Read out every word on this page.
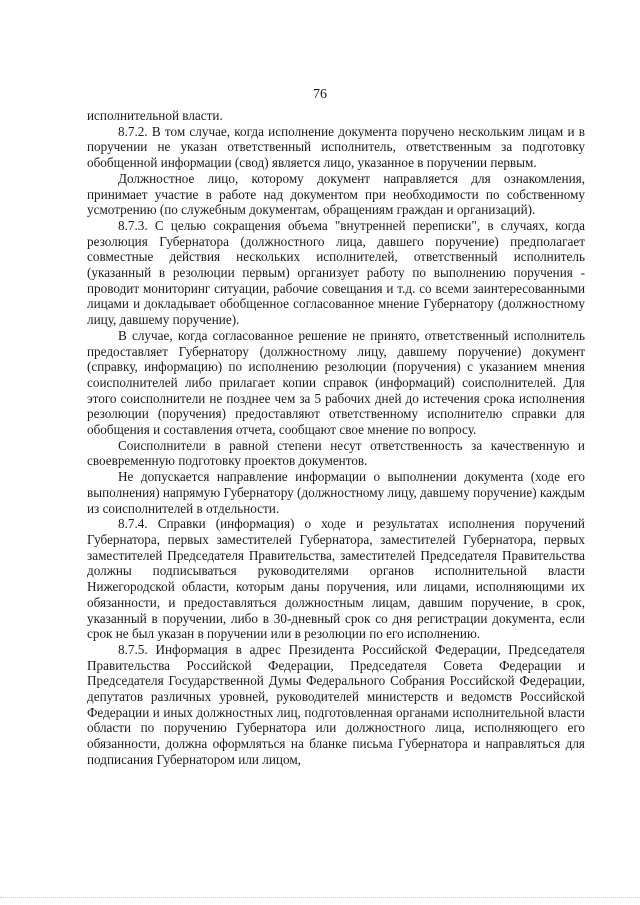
76

исполнительной власти.

8.7.2. В том случае, когда исполнение документа поручено нескольким лицам и в поручении не указан ответственный исполнитель, ответственным за подготовку обобщенной информации (свод) является лицо, указанное в поручении первым.

Должностное лицо, которому документ направляется для ознакомления, принимает участие в работе над документом при необходимости по собственному усмотрению (по служебным документам, обращениям граждан и организаций).

8.7.3. С целью сокращения объема "внутренней переписки", в случаях, когда резолюция Губернатора (должностного лица, давшего поручение) предполагает совместные действия нескольких исполнителей, ответственный исполнитель (указанный в резолюции первым) организует работу по выполнению поручения - проводит мониторинг ситуации, рабочие совещания и т.д. со всеми заинтересованными лицами и докладывает обобщенное согласованное мнение Губернатору (должностному лицу, давшему поручение).

В случае, когда согласованное решение не принято, ответственный исполнитель предоставляет Губернатору (должностному лицу, давшему поручение) документ (справку, информацию) по исполнению резолюции (поручения) с указанием мнения соисполнителей либо прилагает копии справок (информаций) соисполнителей. Для этого соисполнители не позднее чем за 5 рабочих дней до истечения срока исполнения резолюции (поручения) предоставляют ответственному исполнителю справки для обобщения и составления отчета, сообщают свое мнение по вопросу.

Соисполнители в равной степени несут ответственность за качественную и своевременную подготовку проектов документов.

Не допускается направление информации о выполнении документа (ходе его выполнения) напрямую Губернатору (должностному лицу, давшему поручение) каждым из соисполнителей в отдельности.

8.7.4. Справки (информация) о ходе и результатах исполнения поручений Губернатора, первых заместителей Губернатора, заместителей Губернатора, первых заместителей Председателя Правительства, заместителей Председателя Правительства должны подписываться руководителями органов исполнительной власти Нижегородской области, которым даны поручения, или лицами, исполняющими их обязанности, и предоставляться должностным лицам, давшим поручение, в срок, указанный в поручении, либо в 30-дневный срок со дня регистрации документа, если срок не был указан в поручении или в резолюции по его исполнению.

8.7.5. Информация в адрес Президента Российской Федерации, Председателя Правительства Российской Федерации, Председателя Совета Федерации и Председателя Государственной Думы Федерального Собрания Российской Федерации, депутатов различных уровней, руководителей министерств и ведомств Российской Федерации и иных должностных лиц, подготовленная органами исполнительной власти области по поручению Губернатора или должностного лица, исполняющего его обязанности, должна оформляться на бланке письма Губернатора и направляться для подписания Губернатором или лицом,
